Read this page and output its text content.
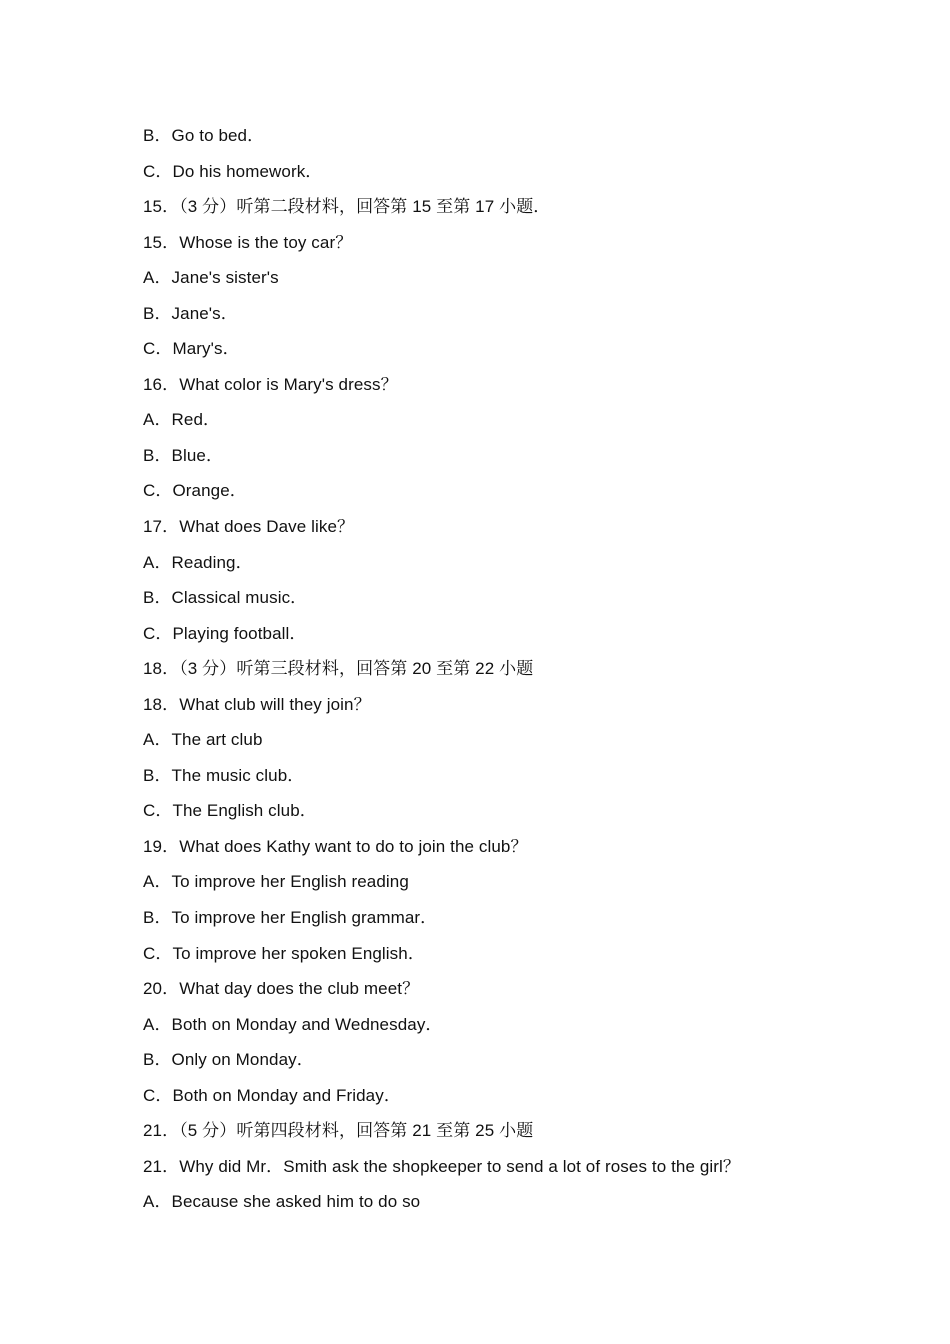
B．Go to bed．
C．Do his homework．
15．（3 分）听第二段材料，回答第 15 至第 17 小题．
15．Whose is the toy car？
A．Jane's sister's
B．Jane's．
C．Mary's．
16．What color is Mary's dress？
A．Red．
B．Blue．
C．Orange．
17．What does Dave like？
A．Reading．
B．Classical music．
C．Playing football．
18．（3 分）听第三段材料，回答第 20 至第 22 小题
18．What club will they join？
A．The art club
B．The music club．
C．The English club．
19．What does Kathy want to do to join the club？
A．To improve her English reading
B．To improve her English grammar．
C．To improve her spoken English．
20．What day does the club meet？
A．Both on Monday and Wednesday．
B．Only on Monday．
C．Both on Monday and Friday．
21．（5 分）听第四段材料，回答第 21 至第 25 小题
21．Why did Mr．Smith ask the shopkeeper to send a lot of roses to the girl？
A．Because she asked him to do so
